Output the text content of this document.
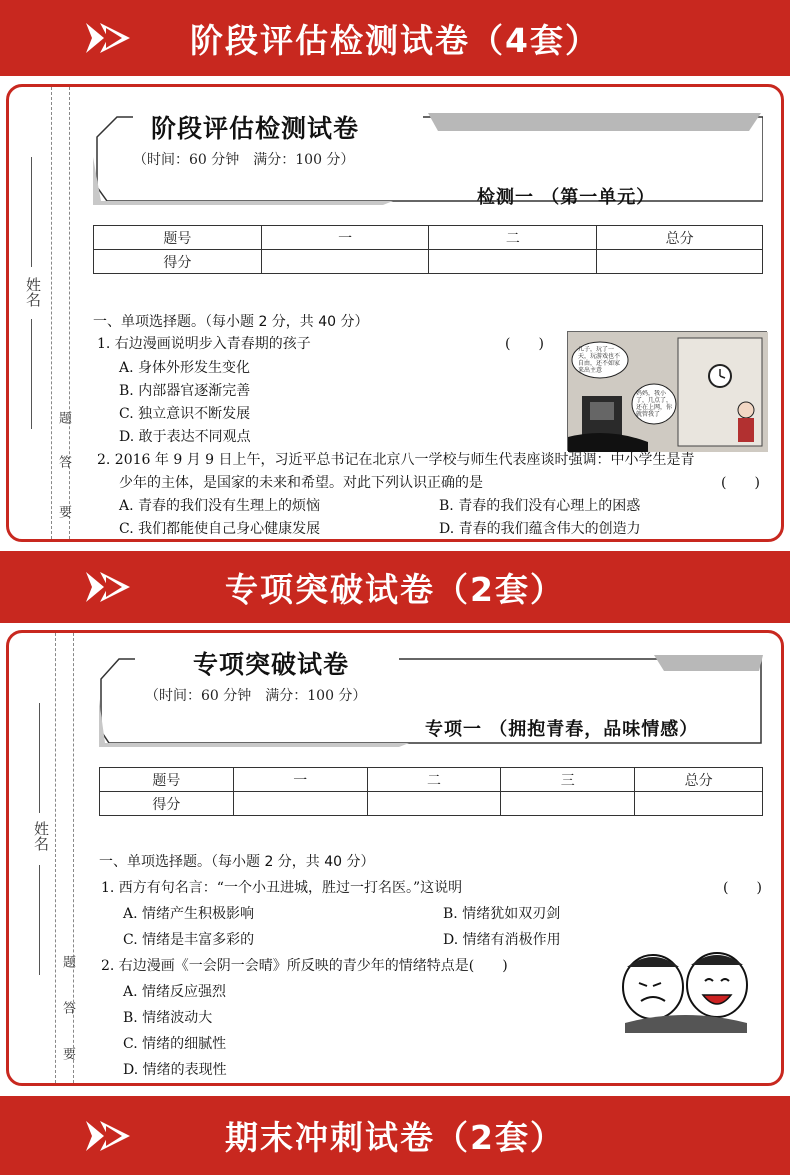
阶段评估检测试卷（4套）
姓名
题
答
要
阶段评估检测试卷
（时间：60 分钟　满分：100 分）
检测一 （第一单元）
题号	一	二	总分
得分			
一、单项选择题。（每小题 2 分，共 40 分）
1. 右边漫画说明步入青春期的孩子	(　　)
A. 身体外形发生变化
B. 内部器官逐渐完善
C. 独立意识不断发展
D. 敢于表达不同观点
儿子，玩了一天，玩游戏也不自由，还不如家来出主意
妈妈，我小了，几点了，还在上网，你就管我了
2. 2016 年 9 月 9 日上午，习近平总书记在北京八一学校与师生代表座谈时强调：中小学生是青
少年的主体，是国家的未来和希望。对此下列认识正确的是	(　　)
A. 青春的我们没有生理上的烦恼	B. 青春的我们没有心理上的困惑
C. 我们都能使自己身心健康发展	D. 青春的我们蕴含伟大的创造力
专项突破试卷（2套）
姓名
题
答
要
专项突破试卷
（时间：60 分钟　满分：100 分）
专项一 （拥抱青春，品味情感）
题号	一	二	三	总分
得分				
一、单项选择题。（每小题 2 分，共 40 分）
1. 西方有句名言：“一个小丑进城，胜过一打名医。”这说明	(　　)
A. 情绪产生积极影响	B. 情绪犹如双刃剑
C. 情绪是丰富多彩的	D. 情绪有消极作用
2. 右边漫画《一会阴一会晴》所反映的青少年的情绪特点是(　　)
A. 情绪反应强烈
B. 情绪波动大
C. 情绪的细腻性
D. 情绪的表现性
期末冲刺试卷（2套）
